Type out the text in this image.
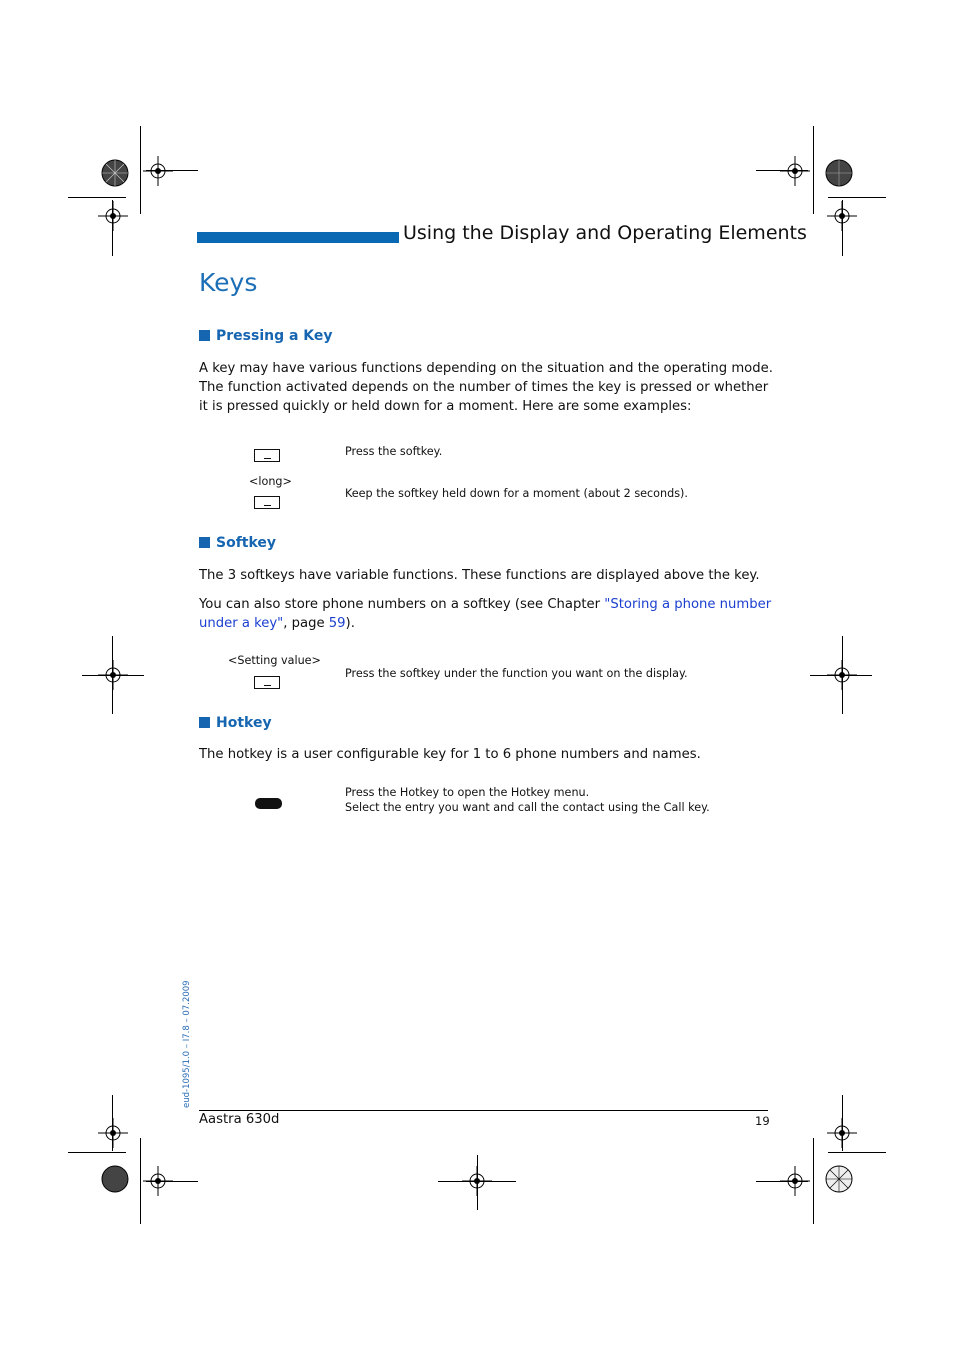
Using the Display and Operating Elements
Keys
Pressing a Key
A key may have various functions depending on the situation and the operating mode. The function activated depends on the number of times the key is pressed or whether it is pressed quickly or held down for a moment. Here are some examples:
Press the softkey.
<long>
Keep the softkey held down for a moment (about 2 seconds).
Softkey
The 3 softkeys have variable functions. These functions are displayed above the key.
You can also store phone numbers on a softkey (see Chapter "Storing a phone number under a key", page 59).
<Setting value>
Press the softkey under the function you want on the display.
Hotkey
The hotkey is a user configurable key for 1 to 6 phone numbers and names.
Press the Hotkey to open the Hotkey menu.
Select the entry you want and call the contact using the Call key.
eud-1095/1.0 – I7.8 – 07.2009
Aastra 630d	19
